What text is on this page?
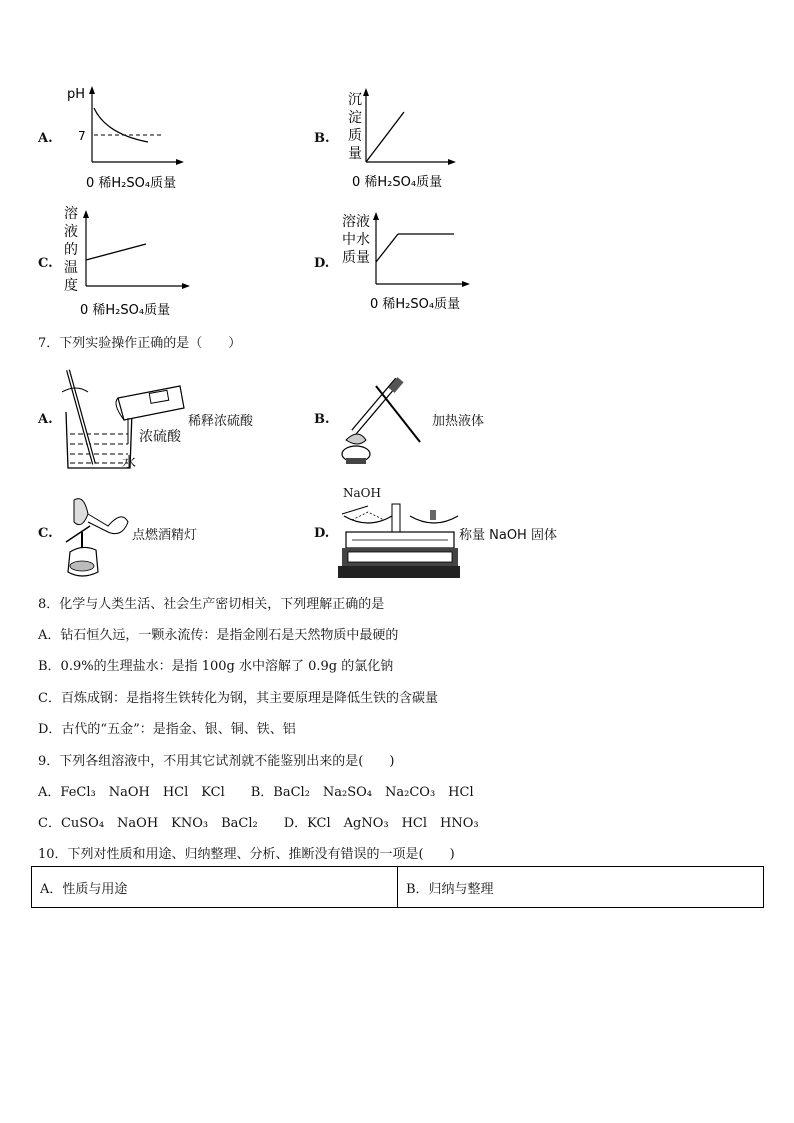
A.
pH
7
0 稀H₂SO₄质量
B.
沉
淀
质
量
0 稀H₂SO₄质量
C.
溶
液
的
温
度
0 稀H₂SO₄质量
D.
溶液
中水
质量
0 稀H₂SO₄质量
7．下列实验操作正确的是（　　）
A.
浓硫酸
水
稀释浓硫酸	B.	加热液体
C.	点燃酒精灯	D.
NaOH
称量 NaOH 固体
8．化学与人类生活、社会生产密切相关，下列理解正确的是
A．钻石恒久远，一颗永流传：是指金刚石是天然物质中最硬的
B．0.9%的生理盐水：是指 100g 水中溶解了 0.9g 的氯化钠
C．百炼成钢：是指将生铁转化为钢，其主要原理是降低生铁的含碳量
D．古代的“五金”：是指金、银、铜、铁、铝
9．下列各组溶液中，不用其它试剂就不能鉴别出来的是(　　)
A．FeCl₃　NaOH　HCl　KCl　　B．BaCl₂　Na₂SO₄　Na₂CO₃　HCl
C．CuSO₄　NaOH　KNO₃　BaCl₂　　D．KCl　AgNO₃　HCl　HNO₃
10．下列对性质和用途、归纳整理、分析、推断没有错误的一项是(　　)
A．性质与用途	B．归纳与整理
